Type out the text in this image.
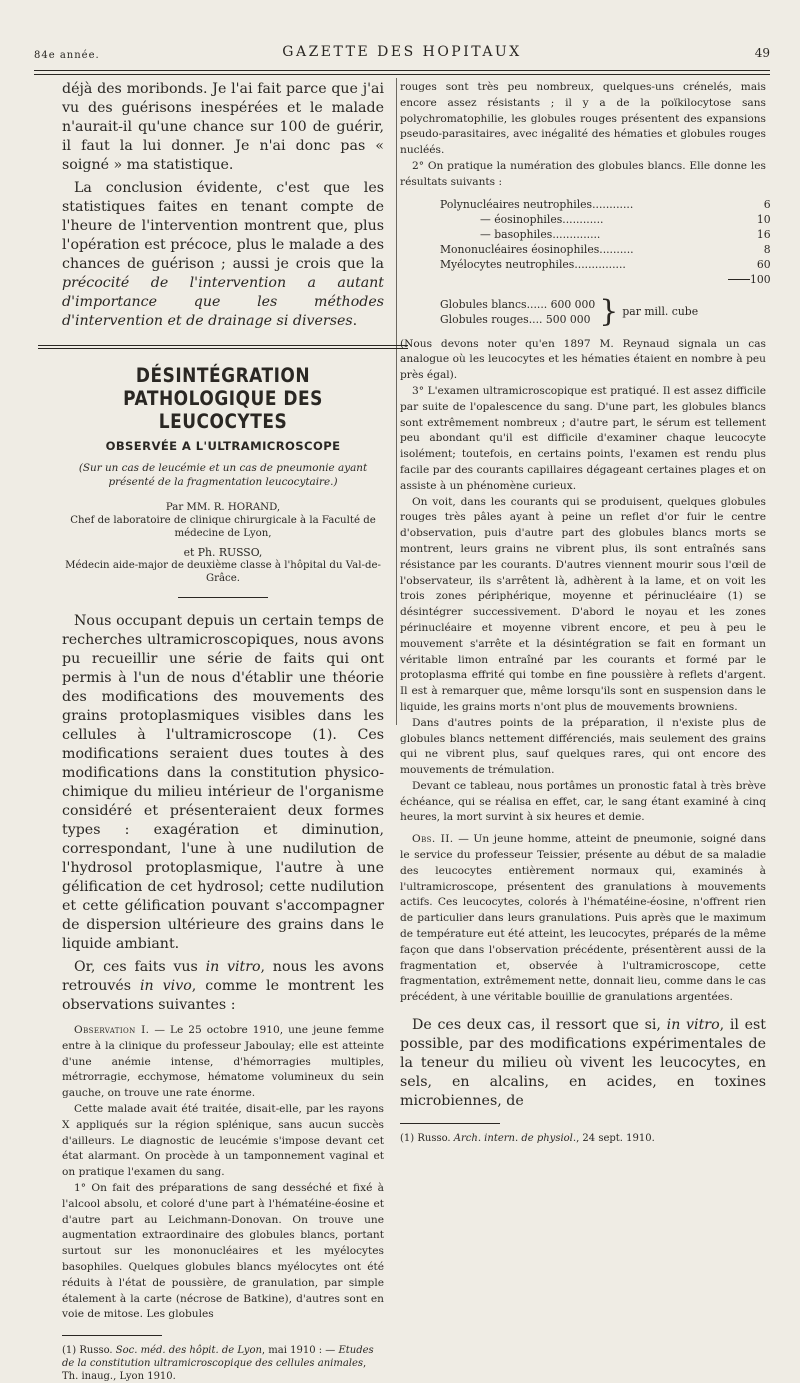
84e année.	GAZETTE DES HOPITAUX	49

déjà des moribonds. Je l'ai fait parce que j'ai vu des guérisons inespérées et le malade n'aurait-il qu'une chance sur 100 de guérir, il faut la lui donner. Je n'ai donc pas « soigné » ma statistique.

La conclusion évidente, c'est que les statistiques faites en tenant compte de l'heure de l'intervention montrent que, plus l'opération est précoce, plus le malade a des chances de guérison ; aussi je crois que la précocité de l'intervention a autant d'importance que les méthodes d'intervention et de drainage si diverses.

DÉSINTÉGRATION PATHOLOGIQUE DES LEUCOCYTES
OBSERVÉE A L'ULTRAMICROSCOPE

(Sur un cas de leucémie et un cas de pneumonie ayant présenté de la fragmentation leucocytaire.)

Par MM. R. HORAND,

Chef de laboratoire de clinique chirurgicale à la Faculté de médecine de Lyon,

et Ph. RUSSO,

Médecin aide-major de deuxième classe à l'hôpital du Val-de-Grâce.

Nous occupant depuis un certain temps de recherches ultramicroscopiques, nous avons pu recueillir une série de faits qui ont permis à l'un de nous d'établir une théorie des modifications des mouvements des grains protoplasmiques visibles dans les cellules à l'ultramicroscope (1). Ces modifications seraient dues toutes à des modifications dans la constitution physico-chimique du milieu intérieur de l'organisme considéré et présenteraient deux formes types : exagération et diminution, correspondant, l'une à une nudilution de l'hydrosol protoplasmique, l'autre à une gélification de cet hydrosol; cette nudilution et cette gélification pouvant s'accompagner de dispersion ultérieure des grains dans le liquide ambiant.

Or, ces faits vus in vitro, nous les avons retrouvés in vivo, comme le montrent les observations suivantes :

Observation I. — Le 25 octobre 1910, une jeune femme entre à la clinique du professeur Jaboulay; elle est atteinte d'une anémie intense, d'hémorragies multiples, métrorragie, ecchymose, hématome volumineux du sein gauche, on trouve une rate énorme.

Cette malade avait été traitée, disait-elle, par les rayons X appliqués sur la région splénique, sans aucun succès d'ailleurs. Le diagnostic de leucémie s'impose devant cet état alarmant. On procède à un tamponnement vaginal et on pratique l'examen du sang.

1° On fait des préparations de sang desséché et fixé à l'alcool absolu, et coloré d'une part à l'hématéine-éosine et d'autre part au Leichmann-Donovan. On trouve une augmentation extraordinaire des globules blancs, portant surtout sur les mononucléaires et les myélocytes basophiles. Quelques globules blancs myélocytes ont été réduits à l'état de poussière, de granulation, par simple étalement à la carte (nécrose de Batkine), d'autres sont en voie de mitose. Les globules

(1) Russo. Soc. méd. des hôpit. de Lyon, mai 1910 : — Etudes de la constitution ultramicroscopique des cellules animales, Th. inaug., Lyon 1910.

rouges sont très peu nombreux, quelques-uns crénelés, mais encore assez résistants ; il y a de la poïkilocytose sans polychromatophilie, les globules rouges présentent des expansions pseudo-parasitaires, avec inégalité des hématies et globules rouges nucléés.

2° On pratique la numération des globules blancs. Elle donne les résultats suivants :

Polynucléaires neutrophiles............	6
— éosinophiles............	10
— basophiles..............	16
Mononucléaires éosinophiles..........	8
Myélocytes neutrophiles...............	60

	100
Globules blancs...... 600 000	}	par mill. cube
Globules rouges.... 500 000

(Nous devons noter qu'en 1897 M. Reynaud signala un cas analogue où les leucocytes et les hématies étaient en nombre à peu près égal).

3° L'examen ultramicroscopique est pratiqué. Il est assez difficile par suite de l'opalescence du sang. D'une part, les globules blancs sont extrêmement nombreux ; d'autre part, le sérum est tellement peu abondant qu'il est difficile d'examiner chaque leucocyte isolément; toutefois, en certains points, l'examen est rendu plus facile par des courants capillaires dégageant certaines plages et on assiste à un phénomène curieux.

On voit, dans les courants qui se produisent, quelques globules rouges très pâles ayant à peine un reflet d'or fuir le centre d'observation, puis d'autre part des globules blancs morts se montrent, leurs grains ne vibrent plus, ils sont entraînés sans résistance par les courants. D'autres viennent mourir sous l'œil de l'observateur, ils s'arrêtent là, adhèrent à la lame, et on voit les trois zones périphérique, moyenne et périnucléaire (1) se désintégrer successivement. D'abord le noyau et les zones périnucléaire et moyenne vibrent encore, et peu à peu le mouvement s'arrête et la désintégration se fait en formant un véritable limon entraîné par les courants et formé par le protoplasma effrité qui tombe en fine poussière à reflets d'argent. Il est à remarquer que, même lorsqu'ils sont en suspension dans le liquide, les grains morts n'ont plus de mouvements browniens.

Dans d'autres points de la préparation, il n'existe plus de globules blancs nettement différenciés, mais seulement des grains qui ne vibrent plus, sauf quelques rares, qui ont encore des mouvements de trémulation.

Devant ce tableau, nous portâmes un pronostic fatal à très brève échéance, qui se réalisa en effet, car, le sang étant examiné à cinq heures, la mort survint à six heures et demie.

Obs. II. — Un jeune homme, atteint de pneumonie, soigné dans le service du professeur Teissier, présente au début de sa maladie des leucocytes entièrement normaux qui, examinés à l'ultramicroscope, présentent des granulations à mouvements actifs. Ces leucocytes, colorés à l'hématéine-éosine, n'offrent rien de particulier dans leurs granulations. Puis après que le maximum de température eut été atteint, les leucocytes, préparés de la même façon que dans l'observation précédente, présentèrent aussi de la fragmentation et, observée à l'ultramicroscope, cette fragmentation, extrêmement nette, donnait lieu, comme dans le cas précédent, à une véritable bouillie de granulations argentées.

De ces deux cas, il ressort que si, in vitro, il est possible, par des modifications expérimentales de la teneur du milieu où vivent les leucocytes, en sels, en alcalins, en acides, en toxines microbiennes, de

(1) Russo. Arch. intern. de physiol., 24 sept. 1910.
